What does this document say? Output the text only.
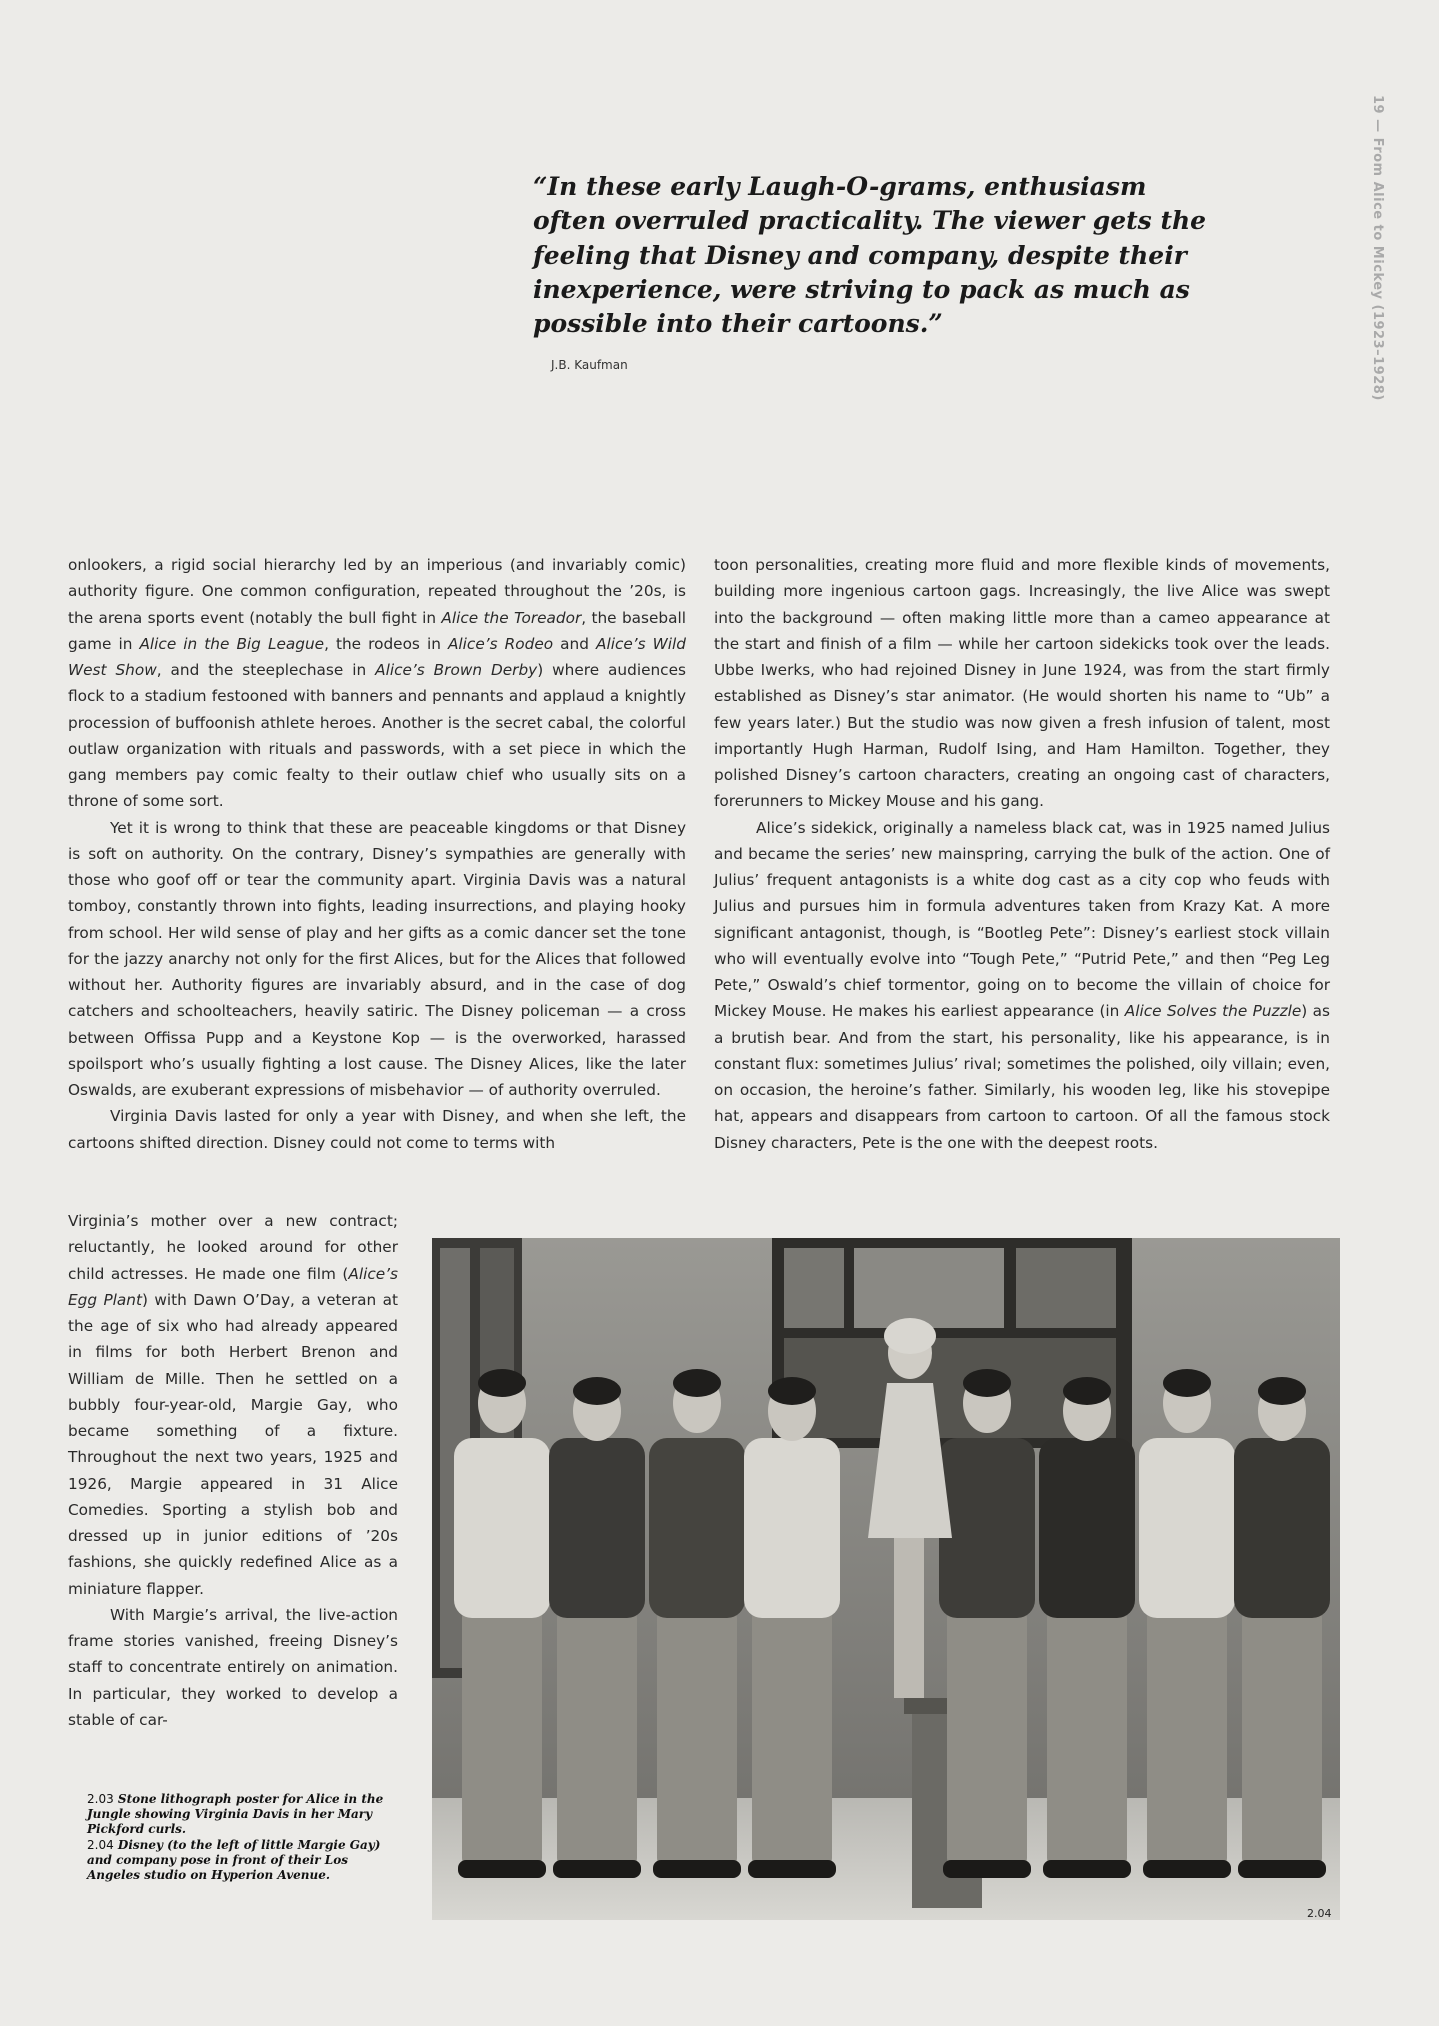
19 — From Alice to Mickey (1923–1928)

“In these early Laugh-O-grams, enthusiasm often overruled practicality. The viewer gets the feeling that Disney and company, despite their inexperience, were striving to pack as much as possible into their cartoons.”

J.B. Kaufman

onlookers, a rigid social hierarchy led by an imperious (and invariably comic) authority figure. One common configuration, repeated throughout the ’20s, is the arena sports event (notably the bull fight in Alice the Toreador, the baseball game in Alice in the Big League, the rodeos in Alice’s Rodeo and Alice’s Wild West Show, and the steeplechase in Alice’s Brown Derby) where audiences flock to a stadium festooned with banners and pennants and applaud a knightly procession of buffoonish athlete heroes. Another is the secret cabal, the colorful outlaw organization with rituals and passwords, with a set piece in which the gang members pay comic fealty to their outlaw chief who usually sits on a throne of some sort.

Yet it is wrong to think that these are peaceable kingdoms or that Disney is soft on authority. On the contrary, Disney’s sympathies are generally with those who goof off or tear the community apart. Virginia Davis was a natural tomboy, constantly thrown into fights, leading insurrections, and playing hooky from school. Her wild sense of play and her gifts as a comic dancer set the tone for the jazzy anarchy not only for the first Alices, but for the Alices that followed without her. Authority figures are invariably absurd, and in the case of dog catchers and schoolteachers, heavily satiric. The Disney policeman — a cross between Offissa Pupp and a Keystone Kop — is the overworked, harassed spoilsport who’s usually fighting a lost cause. The Disney Alices, like the later Oswalds, are exuberant expressions of misbehavior — of authority overruled.

Virginia Davis lasted for only a year with Disney, and when she left, the cartoons shifted direction. Disney could not come to terms with

Virginia’s mother over a new contract; reluctantly, he looked around for other child actresses. He made one film (Alice’s Egg Plant) with Dawn O’Day, a veteran at the age of six who had already appeared in films for both Herbert Brenon and William de Mille. Then he settled on a bubbly four-year-old, Margie Gay, who became something of a fixture. Throughout the next two years, 1925 and 1926, Margie appeared in 31 Alice Comedies. Sporting a stylish bob and dressed up in junior editions of ’20s fashions, she quickly redefined Alice as a miniature flapper.

With Margie’s arrival, the live-action frame stories vanished, freeing Disney’s staff to concentrate entirely on animation. In particular, they worked to develop a stable of car-

toon personalities, creating more fluid and more flexible kinds of movements, building more ingenious cartoon gags. Increasingly, the live Alice was swept into the background — often making little more than a cameo appearance at the start and finish of a film — while her cartoon sidekicks took over the leads. Ubbe Iwerks, who had rejoined Disney in June 1924, was from the start firmly established as Disney’s star animator. (He would shorten his name to “Ub” a few years later.) But the studio was now given a fresh infusion of talent, most importantly Hugh Harman, Rudolf Ising, and Ham Hamilton. Together, they polished Disney’s cartoon characters, creating an ongoing cast of characters, forerunners to Mickey Mouse and his gang.

Alice’s sidekick, originally a nameless black cat, was in 1925 named Julius and became the series’ new mainspring, carrying the bulk of the action. One of Julius’ frequent antagonists is a white dog cast as a city cop who feuds with Julius and pursues him in formula adventures taken from Krazy Kat. A more significant antagonist, though, is “Bootleg Pete”: Disney’s earliest stock villain who will eventually evolve into “Tough Pete,” “Putrid Pete,” and then “Peg Leg Pete,” Oswald’s chief tormentor, going on to become the villain of choice for Mickey Mouse. He makes his earliest appearance (in Alice Solves the Puzzle) as a brutish bear. And from the start, his personality, like his appearance, is in constant flux: sometimes Julius’ rival; sometimes the polished, oily villain; even, on occasion, the heroine’s father. Similarly, his wooden leg, like his stovepipe hat, appears and disappears from cartoon to cartoon. Of all the famous stock Disney characters, Pete is the one with the deepest roots.

2.03 Stone lithograph poster for Alice in the Jungle showing Virginia Davis in her Mary Pickford curls.

2.04 Disney (to the left of little Margie Gay) and company pose in front of their Los Angeles studio on Hyperion Avenue.

2.04
